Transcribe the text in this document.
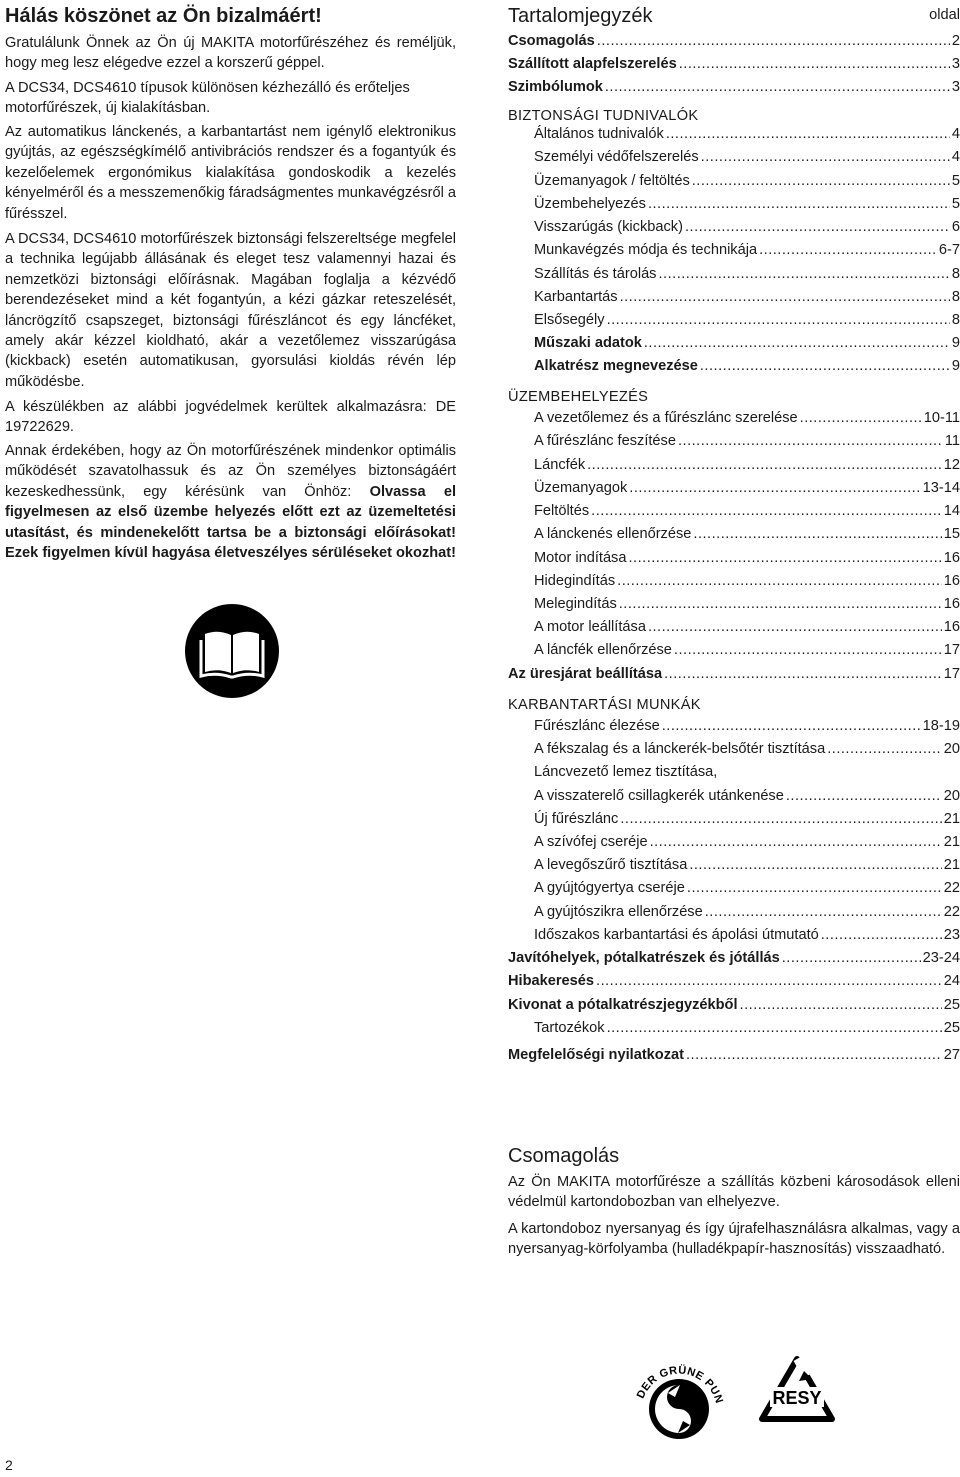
Hálás köszönet az Ön bizalmáért!

Gratulálunk Önnek az Ön új MAKITA motorfűrészéhez és reméljük, hogy meg lesz elégedve ezzel a korszerű géppel.

A DCS34, DCS4610 típusok különösen kézhezálló és erőteljes motorfűrészek, új kialakításban.

Az automatikus lánckenés, a karbantartást nem igénylő elektronikus gyújtás, az egészségkímélő antivibrációs rendszer és a fogantyúk és kezelőelemek ergonómikus kialakítása gondoskodik a kezelés kényelméről és a messzemenőkig fáradságmentes munkavégzésről a fűrésszel.

A DCS34, DCS4610 motorfűrészek biztonsági felszereltsége megfelel a technika legújabb állásának és eleget tesz valamennyi hazai és nemzetközi biztonsági előírásnak. Magában foglalja a kézvédő berendezéseket mind a két fogantyún, a kézi gázkar reteszelését, láncrögzítő csapszeget, biztonsági fűrészláncot és egy láncféket, amely akár kézzel kioldható, akár a vezetőlemez visszarúgása (kickback) esetén automatikusan, gyorsulási kioldás révén lép működésbe.

A készülékben az alábbi jogvédelmek kerültek alkalmazásra: DE 19722629.

Annak érdekében, hogy az Ön motorfűrészének mindenkor optimális működését szavatolhassuk és az Ön személyes biztonságáért kezeskedhessünk, egy kérésünk van Önhöz: Olvassa el figyelmesen az első üzembe helyezés előtt ezt az üzemeltetési utasítást, és mindenekelőtt tartsa be a biztonsági előírásokat! Ezek figyelmen kívül hagyása életveszélyes sérüléseket okozhat!

Tartalomjegyzék	oldal
Csomagolás .....	2
Szállított alapfelszerelés .....	3
Szimbólumok .....	3
BIZTONSÁGI TUDNIVALÓK
Általános tudnivalók .....	4
Személyi védőfelszerelés .....	4
Üzemanyagok / feltöltés .....	5
Üzembehelyezés .....	5
Visszarúgás (kickback) .....	6
Munkavégzés módja és technikája .....	6-7
Szállítás és tárolás .....	8
Karbantartás .....	8
Elsősegély .....	8
Műszaki adatok .....	9
Alkatrész megnevezése .....	9
ÜZEMBEHELYEZÉS
A vezetőlemez és a fűrészlánc szerelése .....	10-11
A fűrészlánc feszítése .....	11
Láncfék .....	12
Üzemanyagok .....	13-14
Feltöltés .....	14
A lánckenés ellenőrzése .....	15
Motor indítása .....	16
Hidegindítás .....	16
Melegindítás .....	16
A motor leállítása .....	16
A láncfék ellenőrzése .....	17
Az üresjárat beállítása .....	17
KARBANTARTÁSI MUNKÁK
Fűrészlánc élezése .....	18-19
A fékszalag és a lánckerék-belsőtér tisztítása .....	20
Láncvezető lemez tisztítása,
A visszaterelő csillagkerék utánkenése .....	20
Új fűrészlánc .....	21
A szívófej cseréje .....	21
A levegőszűrő tisztítása .....	21
A gyújtógyertya cseréje .....	22
A gyújtószikra ellenőrzése .....	22
Időszakos karbantartási és ápolási útmutató .....	23
Javítóhelyek, pótalkatrészek és jótállás .....	23-24
Hibakeresés .....	24
Kivonat a pótalkatrészjegyzékből .....	25
Tartozékok .....	25
Megfelelőségi nyilatkozat .....	27
Csomagolás

Az Ön MAKITA motorfűrésze a szállítás közbeni károsodások elleni védelmül kartondobozban van elhelyezve.

A kartondoboz nyersanyag és így újrafelhasználásra alkalmas, vagy a nyersanyag-körfolyamba (hulladékpapír-hasznosítás) visszaadható.

DER GRÜNE PUN	RESY
2
